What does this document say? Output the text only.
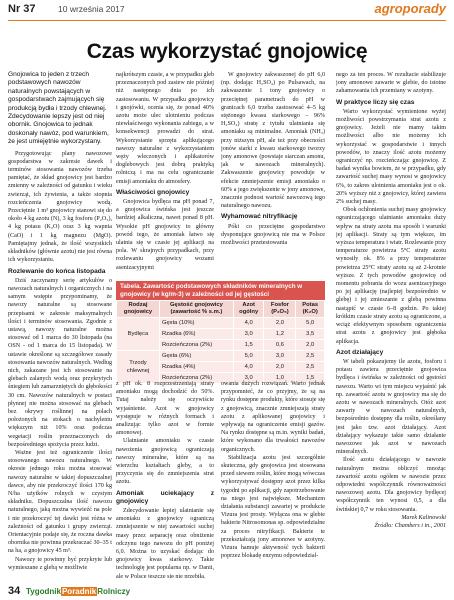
Nr 37	10 września 2017	agroporady
Czas wykorzystać gnojowicę

Gnojowica to jeden z trzech podstawowych nawozów naturalnych powstających w gospodarstwach zajmujących się produkcją bydła i trzody chlewnej. Zdecydowanie lepszy jest od niej obornik. Gnojowica to jednak doskonały nawóz, pod warunkiem, że jest umiejętnie wykorzystany.

Przygotowując plany nawozowe gospodarstwa w zakresie dawek i terminów stosowania nawozów trzeba pamiętać, że skład gnojowicy jest bardzo zmienny w zależności od gatunku i wieku zwierząt, ich żywienia, a także stopnia rozcieńczenia gnojowicy wodą. Przeciętnie 1 m³ gnojowicy stanowi się do około 4 kg azotu (N), 3 kg fosforu (P₂O₅), 4 kg potasu (K₂O) oraz 3 kg wapnia (CaO) i 1 kg magnezu (MgO). Pamiętajmy jednak, że ilość wszystkich składników (głównie azotu) nie jest równa ich wykorzystaniu.

Rozlewanie do końca listopada

Dziś zaczynamy serię artykułów o nawozach naturalnych i organicznych i na samym wstępie przypominamy, że nawozy naturalne są stosowane przepisami w zakresie maksymalnych ilości i terminów stosowania. Zgodnie z ustawą, nawozy naturalne można stosować od 1 marca do 30 listopada (na OSN - od 1 marca do 15 listopada). W ustawie określone są szczegółowe zasady stosowania nawozów naturalnych. Według nich, zakazane jest ich stosowanie na glebach zalanych wodą oraz przykrytych śniegiem lub zamarzniętych do głębokości 30 cm. Nawozów naturalnych w postaci płynnej nie można stosować na glebach bez okrywy roślinnej na polach położonych na stokach o nachyleniu większym niż 10% oraz podczas wegetacji roślin przeznaczonych do bezpośredniego spożycia przez ludzi.

Ważne jest też ograniczenie ilości stosowanego nawozu naturalnego. W okresie jednego roku można stosować nawozy naturalne w takiej dopuszczalnej dawce, aby nie przekroczyć ilości 170 kg N/ha użytków rolnych w czystym składniku. Dopuszczalna ilość nawozu naturalnego, jaką można wywieźć na pole i nie przekroczyć tej dawki jest różna w zależności od gatunku i grupy zwierząt. Orientacyjnie podaje się, że roczna dawka obornika nie powinna przekraczać 30–35 t na ha, a gnojowicy 45 m³.

Nawozy te powinny być przykryte lub wymieszane z glebą w możliwie

najkrótszym czasie, a w przypadku gleb przeznaczonych pod zasiew nie później niż następnego dnia po ich zastosowaniu. W przypadku gnojowicy i gnojówki, ocenia się, że ponad 40% azotu może ulec ulotnieniu podczas niewłaściwego wykonania zabiegu, a w konsekwencji prowadzi do strat. Wykorzystanie sprzętu aplikującego nawozy naturalne z wykorzystaniem węży wleczonych i aplikatorów doglebowych jest dobrą praktyką rolniczą i ma na celu ograniczanie emisji amoniaku do atmosfery.

Właściwości gnojowicy

Gnojowica bydlęca ma pH ponad 7, a gnojowica świńska jest jeszcze bardziej alkaliczna, nawet ponad 8 pH. Wysokie pH gnojowicy to główny powód tego, że amoniak łatwo się ulatnia się w czasie jej aplikacji na pola. W skrajnych przypadkach, przy rozlewaniu gnojowicy wozami asenizacyjnymi

W gnojowicy zakwaszonej do pH 6,0 (np. dodając H₂SO₄) po Pulsawach, na zakwaszenie 1 tony gnojowicy o przeciętnej parametrach do pH w granicach 6,0 trzeba zastosować 4–5 kg stężonego kwasu siarkowego – 96% H₂SO₄) stratę z tytułu ulatniania się amoniaku są minimalne. Amoniak (NH₃) przy niższym pH, ale też przy obecności jonów siarki z kwasu siarkowego tworzy jony amonowe (powstaje siarczan amonu, jak w nawozach mineralnych). Zakwaszenie gnojowicy powoduje w efekcie zmniejszenie emisji amoniaku o 60% a jego zwiększenie w jony amonowe, znacznie podnosi wartość nawozową tego naturalnego nawozu.

Wyhamować nitryfikację

Póki co przeciętne gospodarstwo dysponujące gnojowicą nie ma w Polsce możliwości przetestowania

Tabela. Zawartość podstawowych składników mineralnych w gnojowicy (w kg/m-3) w zależności od jej gęstości
Rodzaj gnojowicy	Gęstość gnojowicy (zawartość % s.m.)	Azot ogólny	Fosfor (P₂O₅)	Potas (K₂O)
Bydlęca	Gęsta (10%)	4,0	2,0	5,0
	Rzadka (6%)	3,0	1,2	3,5
	Rozcieńczona (2%)	1,5	0,6	2,0
Trzody chlewnej	Gęsta (6%)	5,0	3,0	2,5
	Rzadka (4%)	4,0	2,0	2,5
	Rozcieńczona (2%)	3,0	1,0	1,5

z pH ok. 8 rozprzestrzeniają straty amoniaku mogą dochodzić do 50%. Tutaj należy się oczywiście wyjaśnienie. Azot w gnojowicy występuje w różnych formach i analizując tylko azot w formie amonowej.

Ulatnianie amoniaku w czasie nawożenia gnojowicą ograniczają nawozy mineralne, które są na wierzchu kształtach gleby, a to przyczynia się do zmniejszenia strat azotu.

Amoniak uciekający z gnojowicy

Zdecydowanie lepiej ulatnianie się amoniaku z gnojowicy ograniczą zmniejszenie w niej zawartości suchej masy przez separację oraz obniżenie odczynu tego nawozu do pH poniżej 6,0. Można to uzyskać dodając do gnojowicy kwas siarkowy. Takie technologię jest popularna np. w Danii, ale w Polsce jeszcze się nie przebiła.

owania dużych rozwiązań. Warto jednak przypomnieć, że co przyjmy, że są na rynku dostępne produkty, które stosuje się z gnojowicą, znacznie zmniejszają straty azotu z aplikowanej gnojowicy i wpływają na ograniczenie emisji gazów. Na rynku dostępne są m.in. wyniki badań, które wykonano dla trwałości nawozów organicznych.

Stabilizacja azotu jest szczególnie skuteczna, gdy gnojowica jest stosowana przed siewem roślin, które mogą wówczas wykorzystywać dostępny azot przez kilka tygodni po aplikacji, gdy zapotrzebowanie na niego jest największe. Mechanizm działania substancji zawartej w produkcie Vizura jest prosty. Wyłącza ona w glebie bakterie Nitrosomonas sp. odpowiedzialne za proces nitryfikacji. Bakterie te przekształcają jony amonowe w azotyny. Vizura hamuje aktywność tych bakterii poprzez blokadę enzymu odpowiedzial-

nego za ten proces. W rezultacie stabilizuje jony amonowe zawarte w glebie, do istotne zahamowania ich przemiany w azotyny.

W praktyce liczy się czas

Warto wykorzystać wymienione wyżej możliwości powstrzymania strat azotu z gnojowicy. Jeżeli nie mamy takim możliwości albo nie możemy ich wykorzystać w gospodarstwie i innych powodów, to znaczy ilość azotu możemy ograniczyć np. rozcieńczając gnojowicę. Z badań wynika bowiem, że w przypadku, gdy zawartość suchej masy wynosi w gnojowicy 6%, to zakres ulotnienia amoniaku jest o ok. 20% wyższy niż z gnojowicy, której zawiera 2% suchej masy.

Obok ochłonienia suchej masy gnojowicy ograniczającego ulatnianie amoniaku duży wpływ na straty azotu ma sposób i warunki jej aplikacji. Straty są tym większe, im wyższa temperatura i wiatr. Rozlewanie przy temperaturze powietrza 5°C straty azotu wynosiły ok. 8% a przy temperaturze powietrza 25°C straty azotu są aż 2-krotnie wyższe. Z tych powodów gnojowicę od momentu pobrania do wozu asenizacyjnego po jej aplikację (najlepiej bezpośrednio w glebę) i jej zmieszanie z glebą powinna nastąpić w czasie 6–8 godzin. Po takiej krótkim czasie straty azotu są ograniczone, a wciąż efektywnym sposobem ograniczenia strat azotu z gnojowicy jest głęboka aplikacja.

Azot działający

W tabeli pokazujemy ile azotu, fosforu i potasu zawiera przeciętnie gnojowica bydlęca i świńska w zależności od gęstości nawozu. Warto wi tym miejscu wyjaśnić jak np. zawartość azotu w gnojowicy ma się do azotu w nawozach mineralnych. Otóż azot zawarty w nawozach naturalnych, bezpośrednio dostępny dla roślin, określany jest jako tzw. azot działający. Azot działający wykazuje takie samo działanie nawozowe jak azot w nawozach mineralnych.

Ilość azotu działającego w nawozie naturalnym można obliczyć mnożąc zawartość azotu ogółem w nawozie przez odpowiedni współczynnik równoważności nawozowej azotu. Dla gnojowicy bydlęcej współczynnik ten wynosi 0,5, a dla świńskiej 0,7 w roku stosowania.

Marek Kalinowski

Źródło: Chambers i in., 2001

34 TygodnikPoradnikRolniczy
